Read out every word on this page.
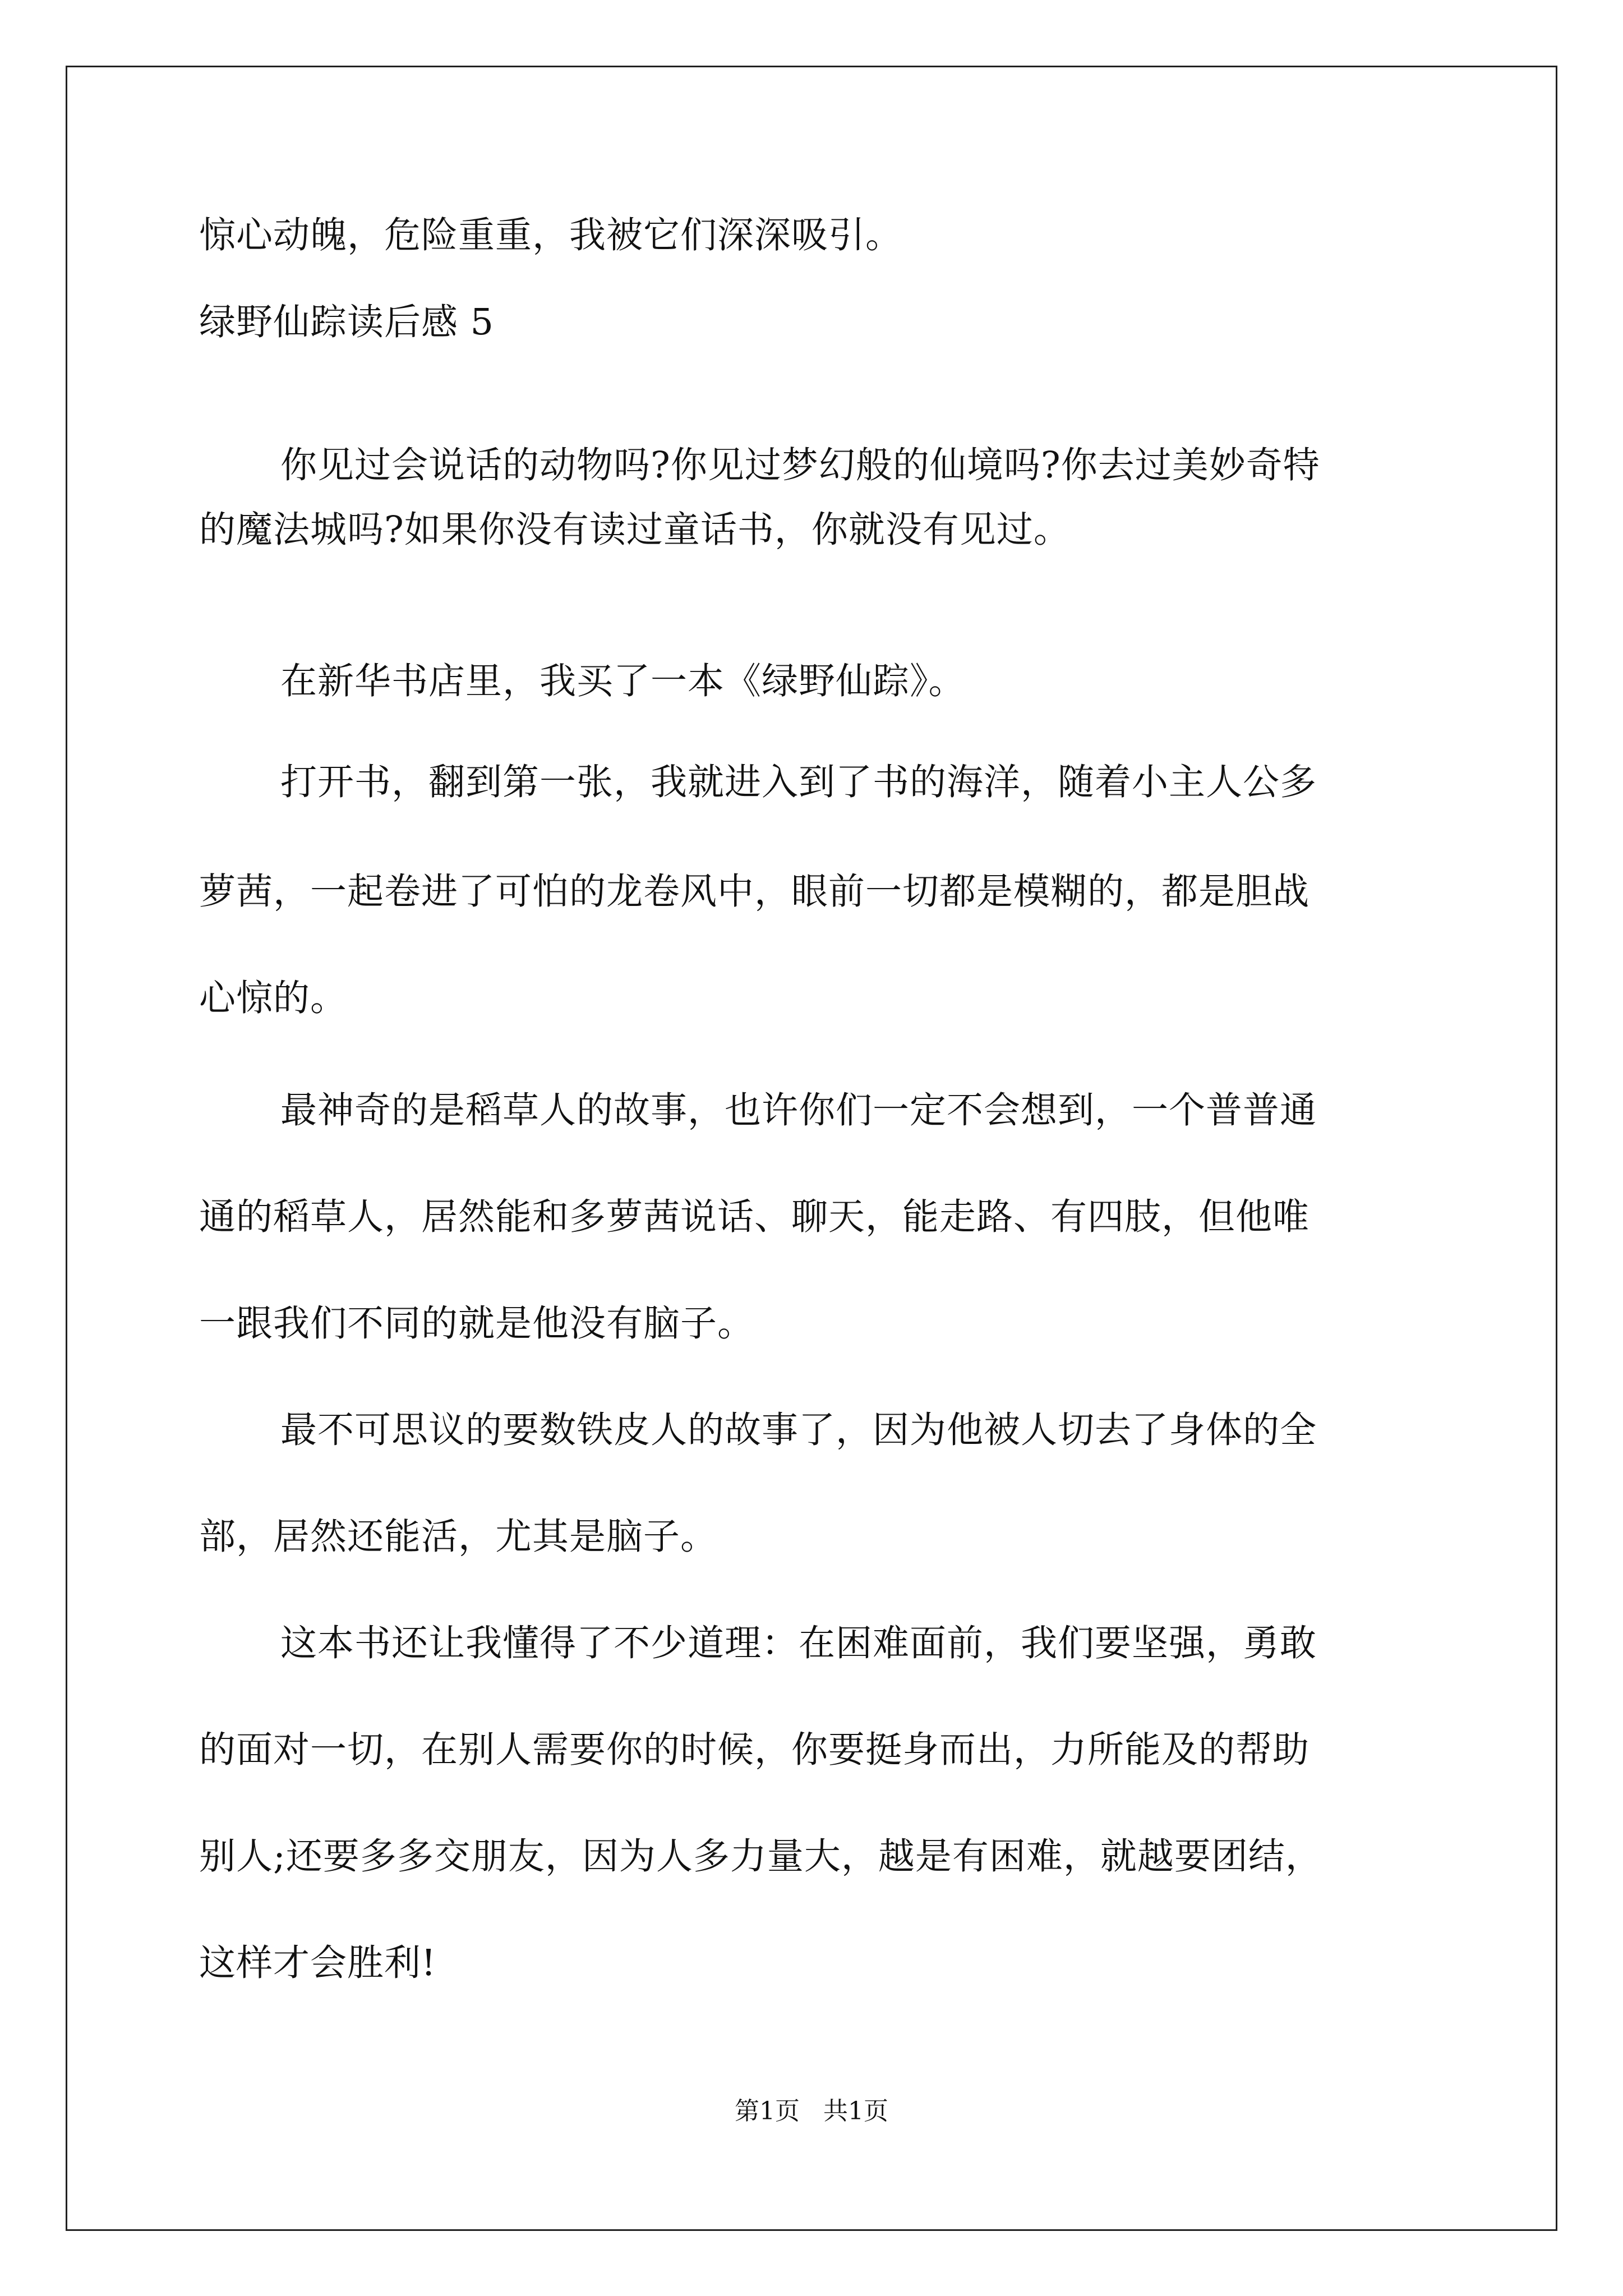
惊心动魄，危险重重，我被它们深深吸引。
绿野仙踪读后感 5
你见过会说话的动物吗?你见过梦幻般的仙境吗?你去过美妙奇特
的魔法城吗?如果你没有读过童话书，你就没有见过。
在新华书店里，我买了一本《绿野仙踪》。
打开书，翻到第一张，我就进入到了书的海洋，随着小主人公多
萝茜，一起卷进了可怕的龙卷风中，眼前一切都是模糊的，都是胆战
心惊的。
最神奇的是稻草人的故事，也许你们一定不会想到，一个普普通
通的稻草人，居然能和多萝茜说话、聊天，能走路、有四肢，但他唯
一跟我们不同的就是他没有脑子。
最不可思议的要数铁皮人的故事了，因为他被人切去了身体的全
部，居然还能活，尤其是脑子。
这本书还让我懂得了不少道理：在困难面前，我们要坚强，勇敢
的面对一切，在别人需要你的时候，你要挺身而出，力所能及的帮助
别人;还要多多交朋友，因为人多力量大，越是有困难，就越要团结，
这样才会胜利!
第1页   共1页
